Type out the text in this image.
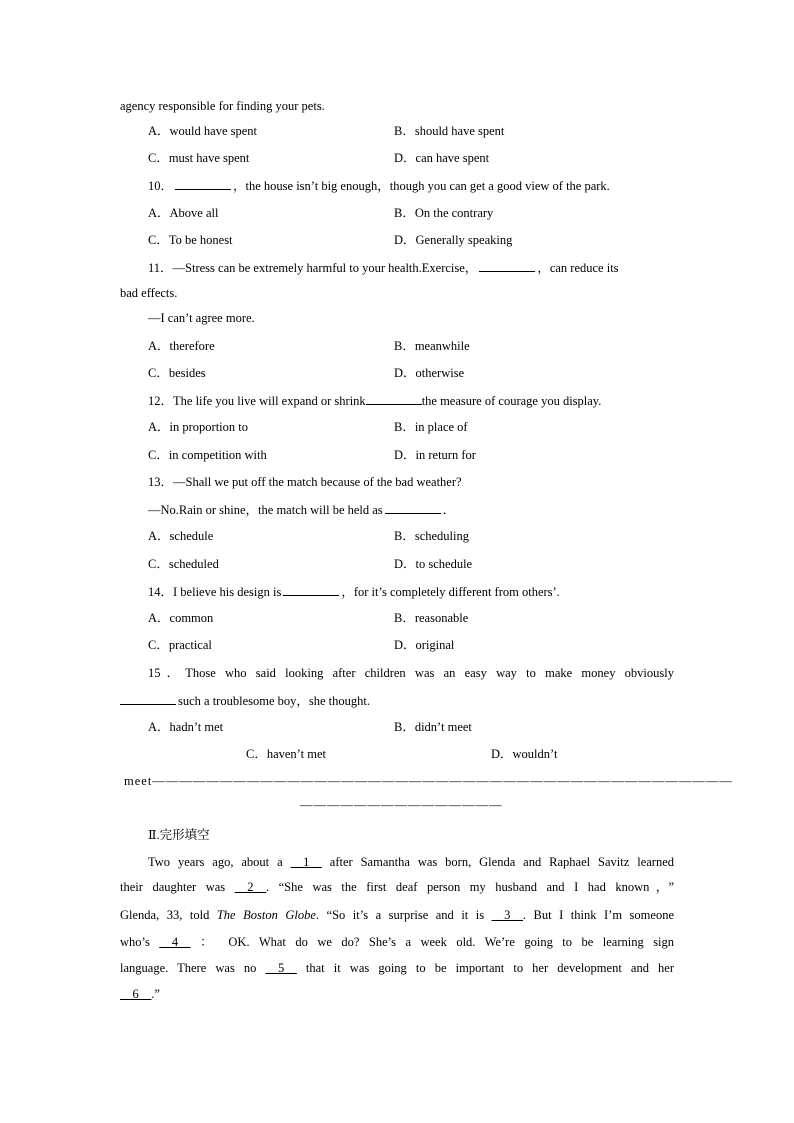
agency responsible for finding your pets.
A．would have spent	B．should have spent
C．must have spent	D．can have spent
10．	，the house isn’t big enough，though you can get a good view of the park.
A．Above all	B．On the contrary
C．To be honest	D．Generally speaking
11．—Stress can be extremely harmful to your health.Exercise，	，can reduce its
bad effects.
—I can’t agree more.
A．therefore	B．meanwhile
C．besides	D．otherwise
12．The life you live will expand or shrink	the measure of courage you display.
A．in proportion to	B．in place of
C．in competition with	D．in return for
13．—Shall we put off the match because of the bad weather?
—No.Rain or shine，the match will be held as	．
A．schedule	B．scheduling
C．scheduled	D．to schedule
14．I believe his design is	，for it’s completely different from others’.
A．common	B．reasonable
C．practical	D．original
15．Those who said looking after children was an easy way to make money obviously
such a troublesome boy，she thought.
A．hadn’t met	B．didn’t meet
C．haven’t met	D．wouldn’t
meet———————————————————————————————————————————
———————————————
Ⅱ.完形填空
Two years ago, about a __1__ after Samantha was born, Glenda and Raphael Savitz learned
their daughter was __2__. “She was the first deaf person my husband and I had known，”
Glenda, 33, told The Boston Globe. “So it’s a surprise and it is __3__. But I think I’m someone
who’s __4__ ： OK. What do we do? She’s a week old. We’re going to be learning sign
language. There was no __5__ that it was going to be important to her development and her
__6__.”
